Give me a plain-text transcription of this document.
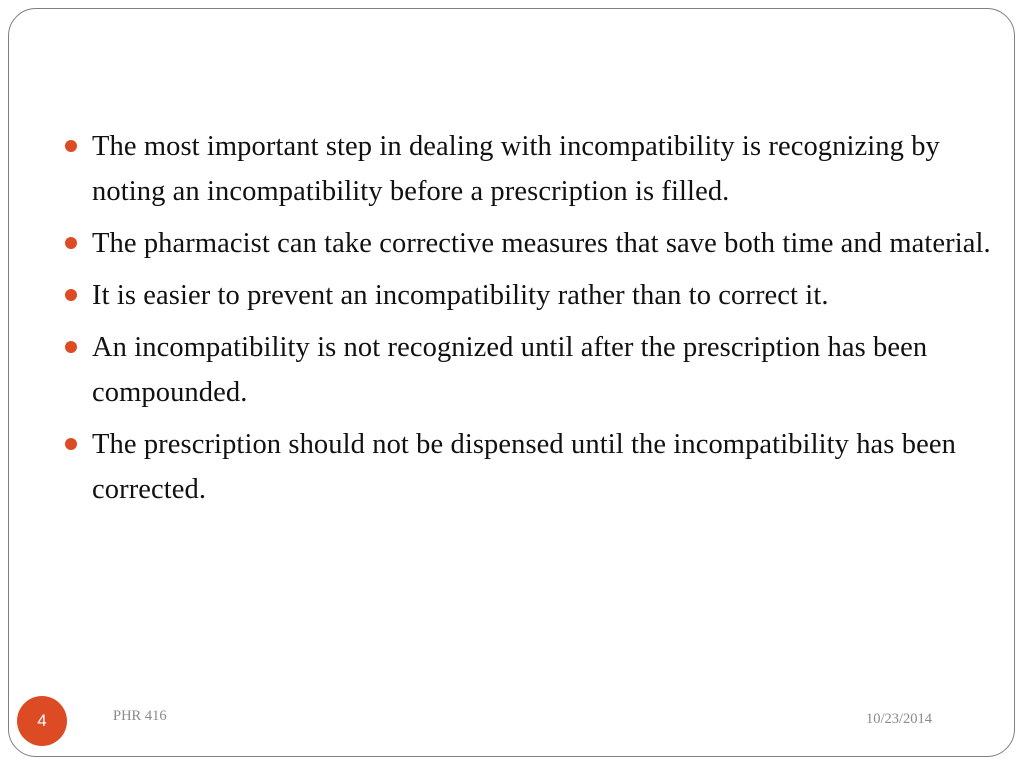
The most important step in dealing with incompatibility is recognizing by noting an incompatibility before a prescription is filled.
The pharmacist can take corrective measures that save both time and material.
It is easier to prevent an incompatibility rather than to correct it.
An incompatibility is not recognized until after the prescription has been compounded.
The prescription should not be dispensed until the incompatibility has been corrected.
4	PHR 416	10/23/2014
